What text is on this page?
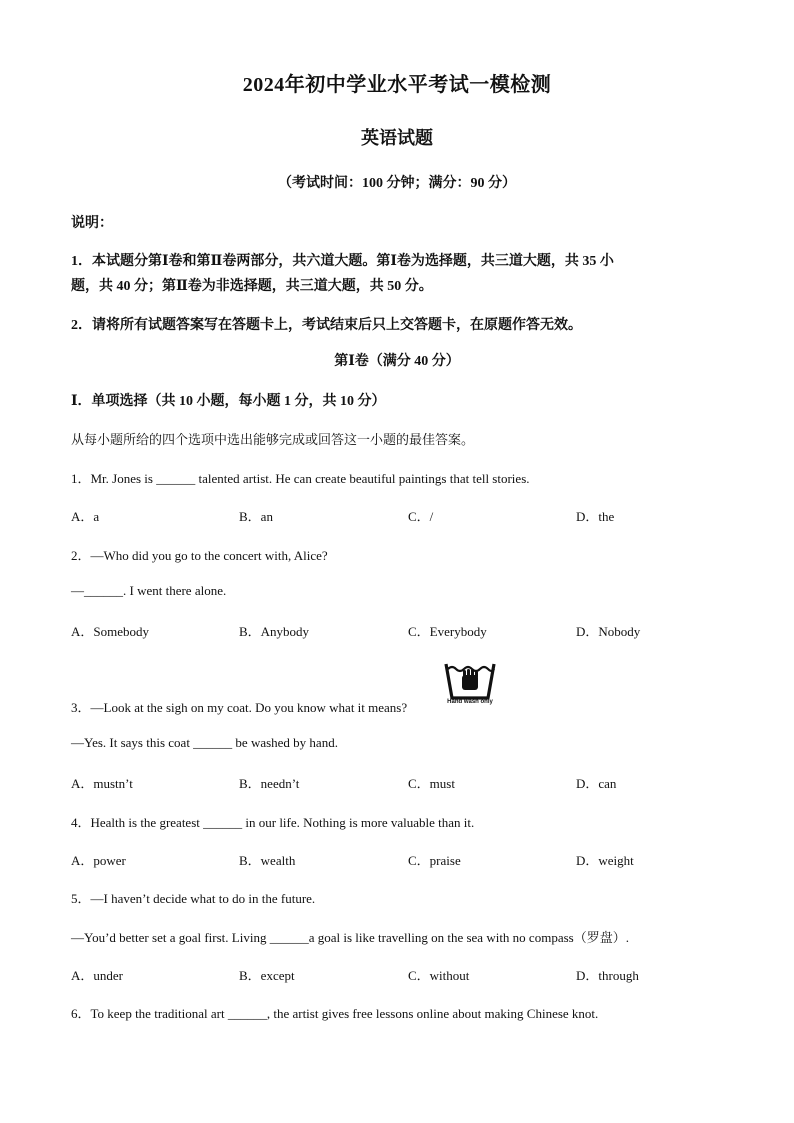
2024年初中学业水平考试一模检测
英语试题
（考试时间：100 分钟；满分：90 分）
说明：
1．本试题分第Ⅰ卷和第Ⅱ卷两部分，共六道大题。第Ⅰ卷为选择题，共三道大题，共 35 小
题，共 40 分；第Ⅱ卷为非选择题，共三道大题，共 50 分。
2．请将所有试题答案写在答题卡上，考试结束后只上交答题卡，在原题作答无效。
第Ⅰ卷（满分 40 分）
Ⅰ．单项选择（共 10 小题，每小题 1 分，共 10 分）
从每小题所给的四个选项中选出能够完成或回答这一小题的最佳答案。
1．Mr. Jones is ______ talented artist. He can create beautiful paintings that tell stories.
A．a	B．an	C．/	D．the
2．—Who did you go to the concert with, Alice?
—______. I went there alone.
A．Somebody	B．Anybody	C．Everybody	D．Nobody
3．—Look at the sigh on my coat. Do you know what it means?	Hand wash only
—Yes. It says this coat ______ be washed by hand.
A．mustn’t	B．needn’t	C．must	D．can
4．Health is the greatest ______ in our life. Nothing is more valuable than it.
A．power	B．wealth	C．praise	D．weight
5．—I haven’t decide what to do in the future.
—You’d better set a goal first. Living ______a goal is like travelling on the sea with no compass（罗盘）.
A．under	B．except	C．without	D．through
6．To keep the traditional art ______, the artist gives free lessons online about making Chinese knot.
